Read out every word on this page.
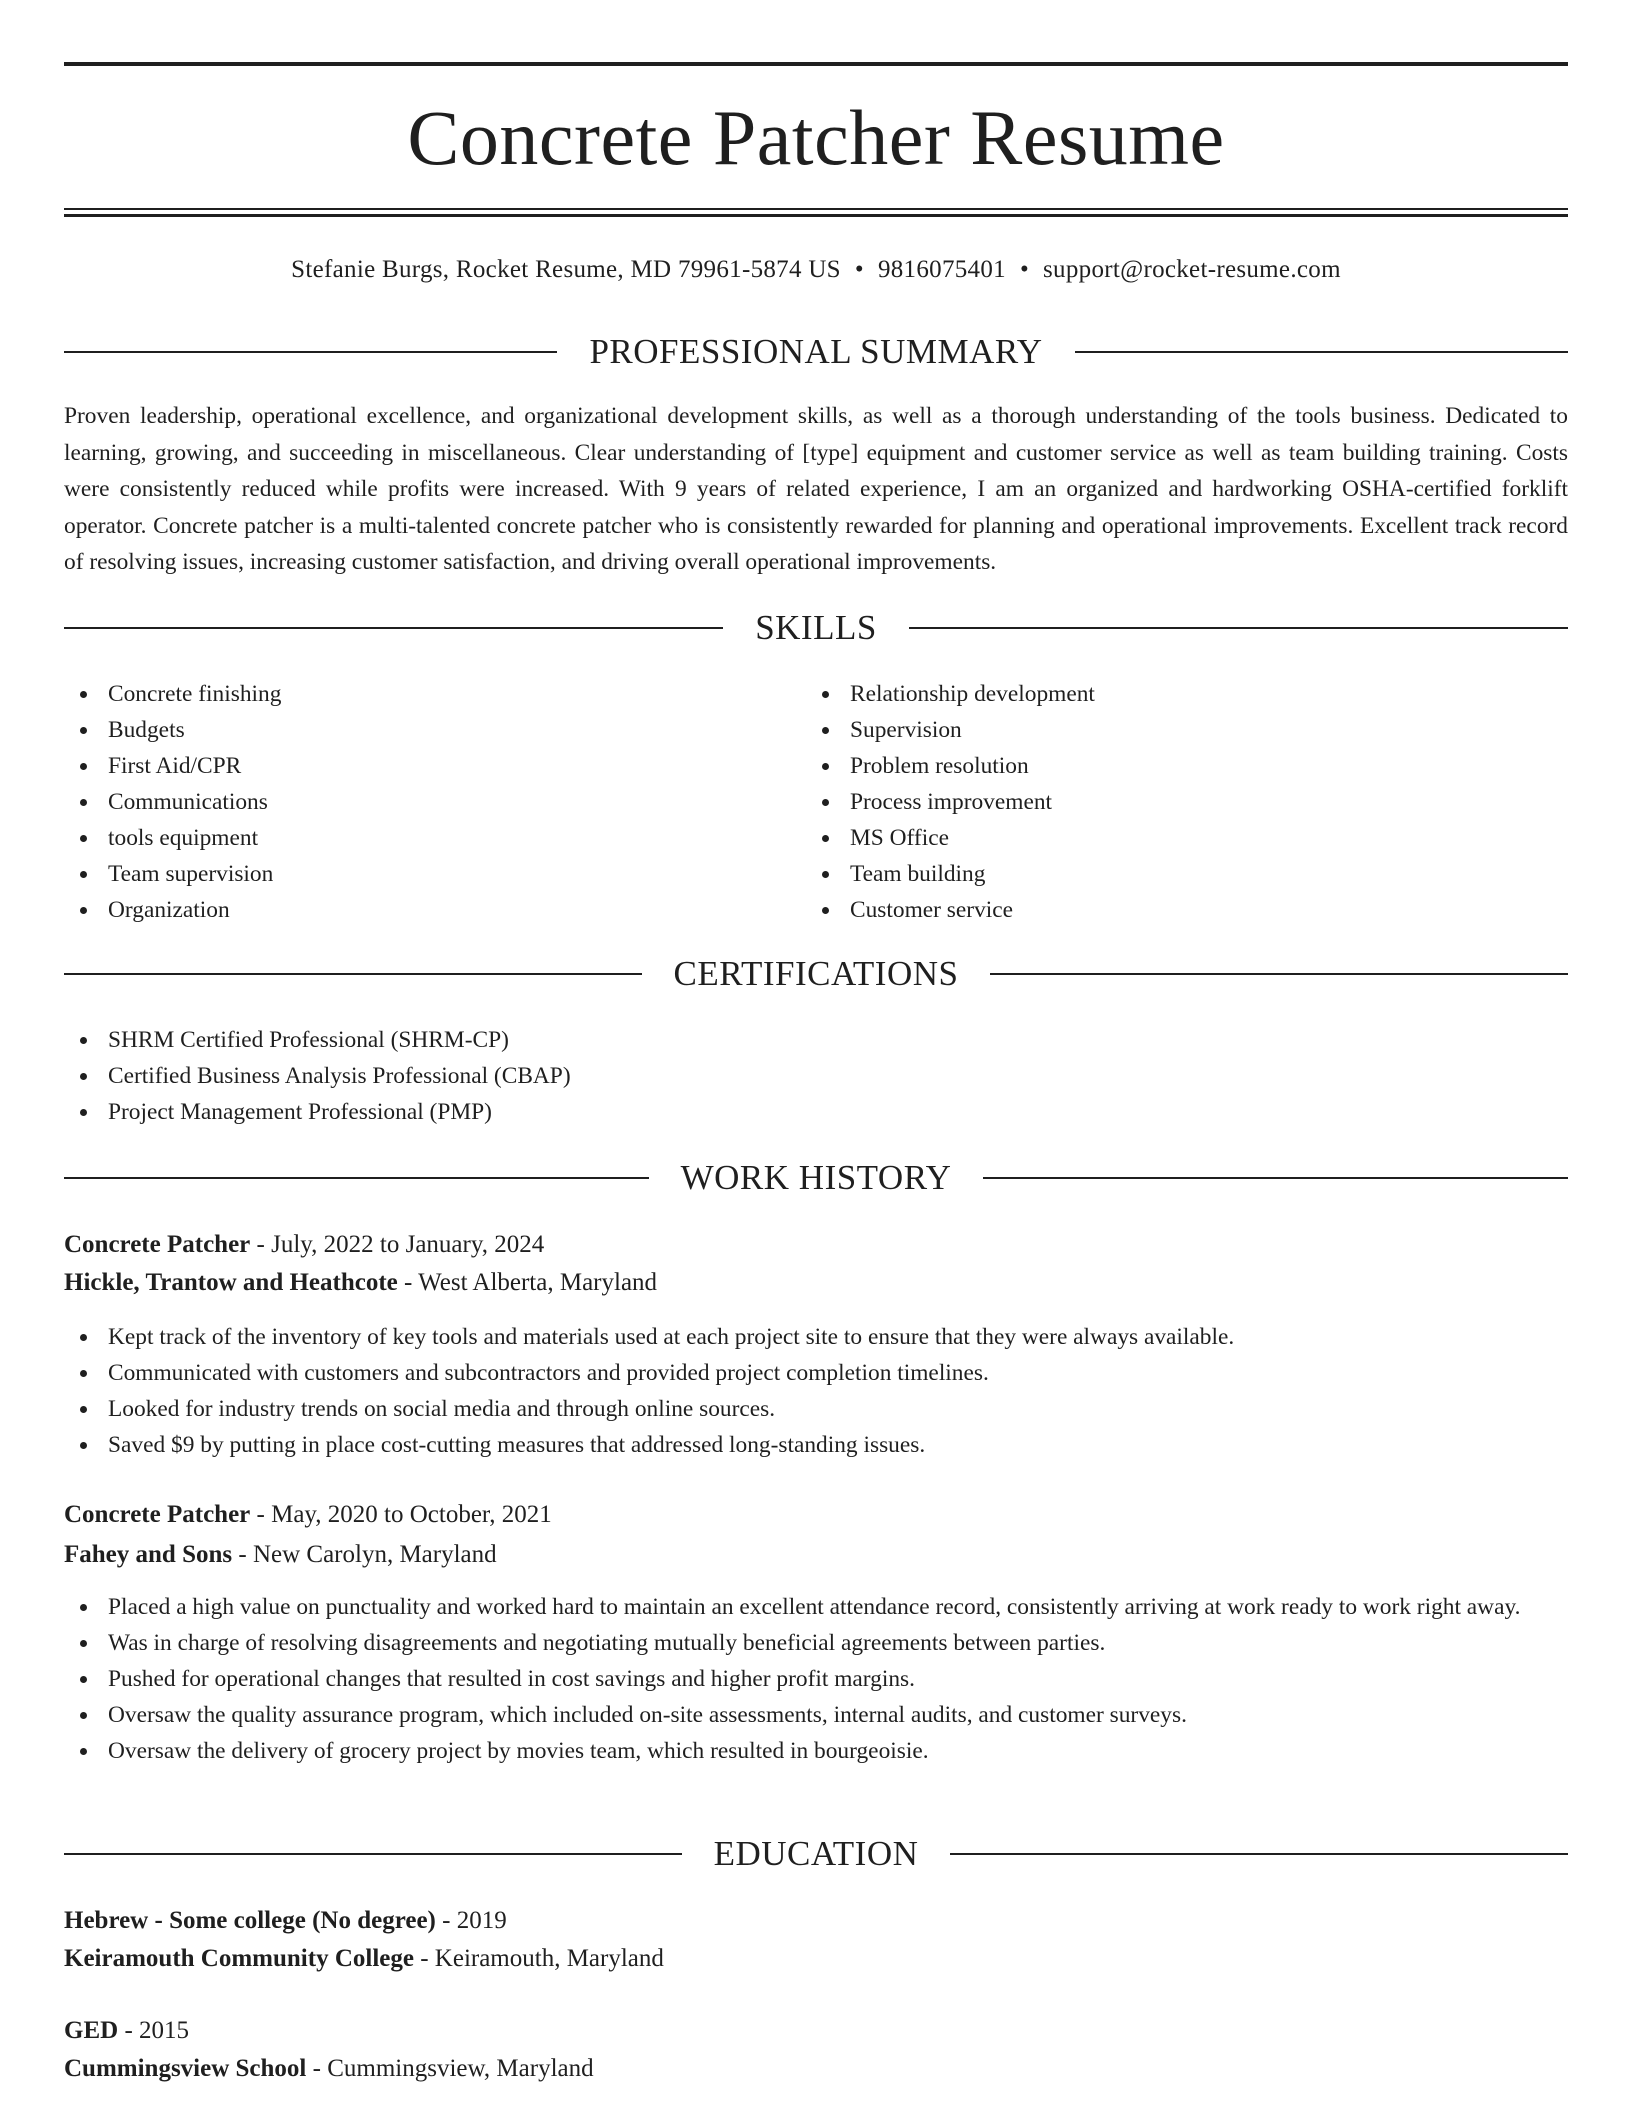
Concrete Patcher Resume
Stefanie Burgs, Rocket Resume, MD 79961-5874 US • 9816075401 • support@rocket-resume.com
PROFESSIONAL SUMMARY

Proven leadership, operational excellence, and organizational development skills, as well as a thorough understanding of the tools business. Dedicated to learning, growing, and succeeding in miscellaneous. Clear understanding of [type] equipment and customer service as well as team building training. Costs were consistently reduced while profits were increased. With 9 years of related experience, I am an organized and hardworking OSHA-certified forklift operator. Concrete patcher is a multi-talented concrete patcher who is consistently rewarded for planning and operational improvements. Excellent track record of resolving issues, increasing customer satisfaction, and driving overall operational improvements.

SKILLS
Concrete finishing
Budgets
First Aid/CPR
Communications
tools equipment
Team supervision
Organization
Relationship development
Supervision
Problem resolution
Process improvement
MS Office
Team building
Customer service
CERTIFICATIONS
SHRM Certified Professional (SHRM-CP)
Certified Business Analysis Professional (CBAP)
Project Management Professional (PMP)
WORK HISTORY
Concrete Patcher - July, 2022 to January, 2024
Hickle, Trantow and Heathcote - West Alberta, Maryland
Kept track of the inventory of key tools and materials used at each project site to ensure that they were always available.
Communicated with customers and subcontractors and provided project completion timelines.
Looked for industry trends on social media and through online sources.
Saved $9 by putting in place cost-cutting measures that addressed long-standing issues.
Concrete Patcher - May, 2020 to October, 2021
Fahey and Sons - New Carolyn, Maryland
Placed a high value on punctuality and worked hard to maintain an excellent attendance record, consistently arriving at work ready to work right away.
Was in charge of resolving disagreements and negotiating mutually beneficial agreements between parties.
Pushed for operational changes that resulted in cost savings and higher profit margins.
Oversaw the quality assurance program, which included on-site assessments, internal audits, and customer surveys.
Oversaw the delivery of grocery project by movies team, which resulted in bourgeoisie.
EDUCATION
Hebrew - Some college (No degree) - 2019
Keiramouth Community College - Keiramouth, Maryland
GED - 2015
Cummingsview School - Cummingsview, Maryland
